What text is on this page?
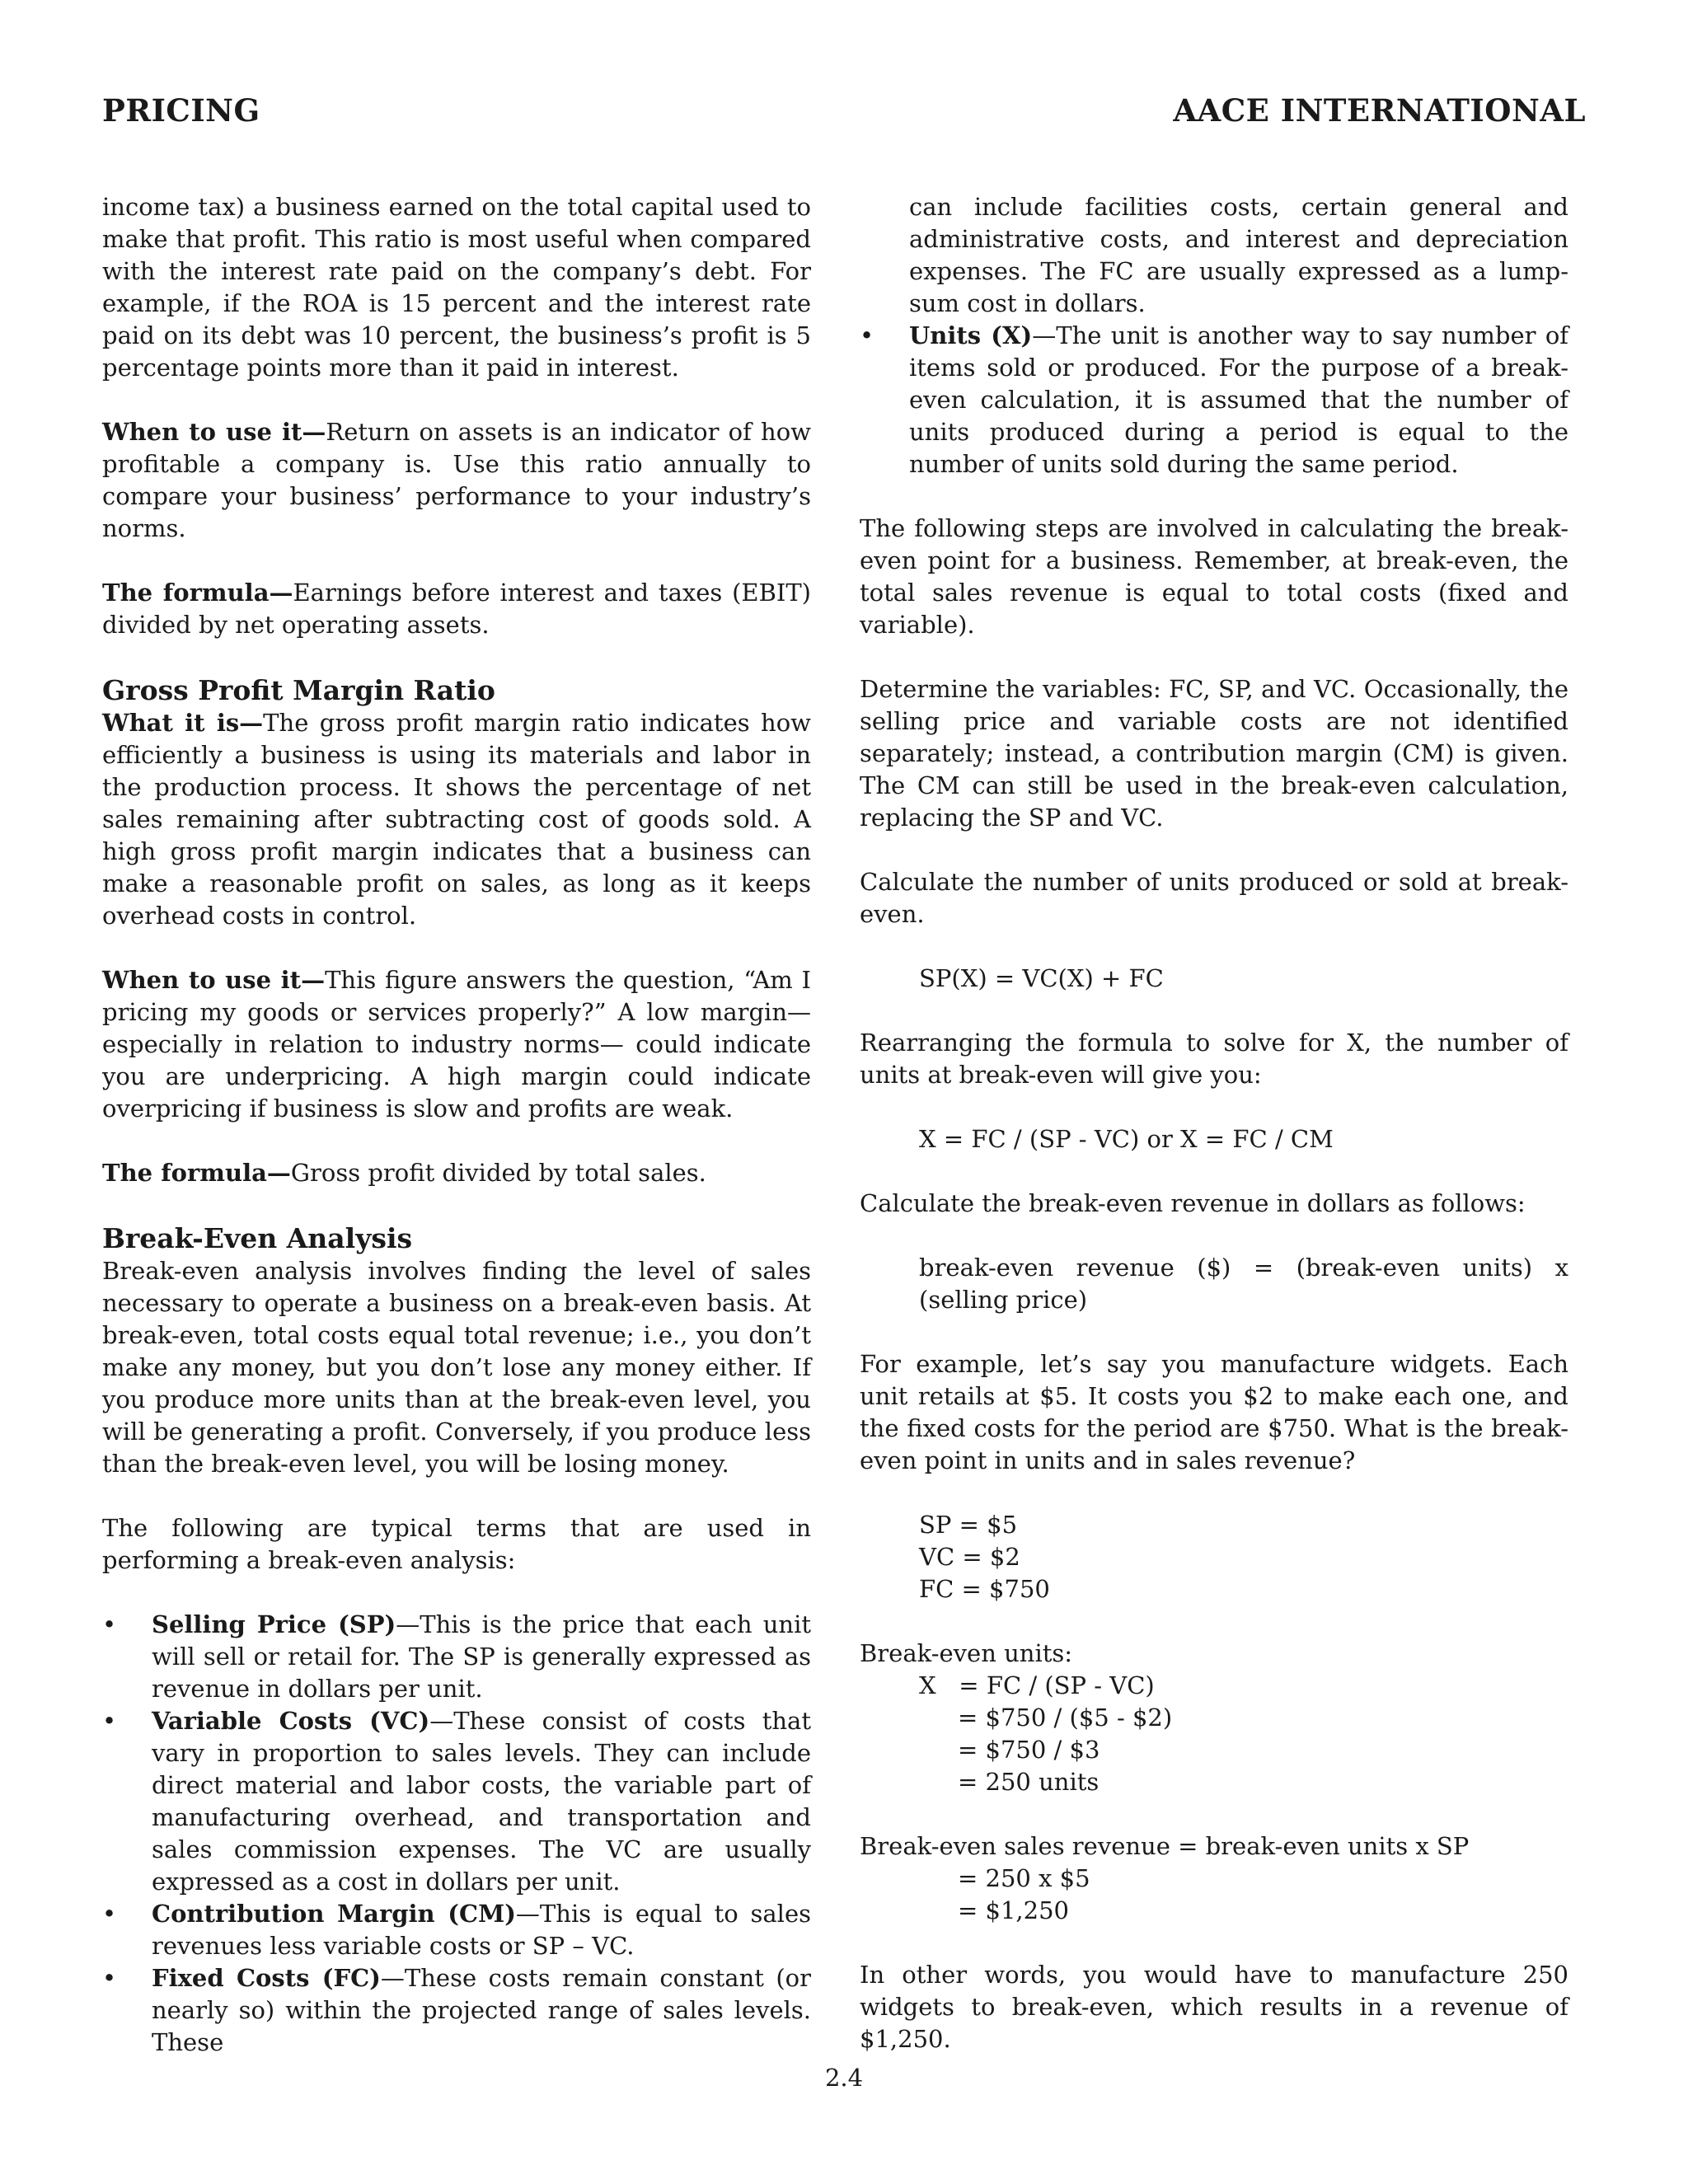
PRICING	AACE INTERNATIONAL

income tax) a business earned on the total capital used to make that profit. This ratio is most useful when compared with the interest rate paid on the company’s debt. For example, if the ROA is 15 percent and the interest rate paid on its debt was 10 percent, the business’s profit is 5 percentage points more than it paid in interest.

When to use it—Return on assets is an indicator of how profitable a company is. Use this ratio annually to compare your business’ performance to your industry’s norms.

The formula—Earnings before interest and taxes (EBIT) divided by net operating assets.

Gross Profit Margin Ratio

What it is—The gross profit margin ratio indicates how efficiently a business is using its materials and labor in the production process. It shows the percentage of net sales remaining after subtracting cost of goods sold. A high gross profit margin indicates that a business can make a reasonable profit on sales, as long as it keeps overhead costs in control.

When to use it—This figure answers the question, “Am I pricing my goods or services properly?” A low margin— especially in relation to industry norms— could indicate you are underpricing. A high margin could indicate overpricing if business is slow and profits are weak.

The formula—Gross profit divided by total sales.

Break-Even Analysis

Break-even analysis involves finding the level of sales necessary to operate a business on a break-even basis. At break-even, total costs equal total revenue; i.e., you don’t make any money, but you don’t lose any money either. If you produce more units than at the break-even level, you will be generating a profit. Conversely, if you produce less than the break-even level, you will be losing money.

The following are typical terms that are used in performing a break-even analysis:

• Selling Price (SP)—This is the price that each unit will sell or retail for. The SP is generally expressed as revenue in dollars per unit.
• Variable Costs (VC)—These consist of costs that vary in proportion to sales levels. They can include direct material and labor costs, the variable part of manufacturing overhead, and transportation and sales commission expenses. The VC are usually expressed as a cost in dollars per unit.
• Contribution Margin (CM)—This is equal to sales revenues less variable costs or SP – VC.
• Fixed Costs (FC)—These costs remain constant (or nearly so) within the projected range of sales levels. These

can include facilities costs, certain general and administrative costs, and interest and depreciation expenses. The FC are usually expressed as a lump-sum cost in dollars.

• Units (X)—The unit is another way to say number of items sold or produced. For the purpose of a break-even calculation, it is assumed that the number of units produced during a period is equal to the number of units sold during the same period.

The following steps are involved in calculating the break-even point for a business. Remember, at break-even, the total sales revenue is equal to total costs (fixed and variable).

Determine the variables: FC, SP, and VC. Occasionally, the selling price and variable costs are not identified separately; instead, a contribution margin (CM) is given. The CM can still be used in the break-even calculation, replacing the SP and VC.

Calculate the number of units produced or sold at break-even.

SP(X) = VC(X) + FC

Rearranging the formula to solve for X, the number of units at break-even will give you:

X = FC / (SP - VC) or X = FC / CM

Calculate the break-even revenue in dollars as follows:

break-even revenue ($) = (break-even units) x (selling price)

For example, let’s say you manufacture widgets. Each unit retails at $5. It costs you $2 to make each one, and the fixed costs for the period are $750. What is the break-even point in units and in sales revenue?

SP = $5
VC = $2
FC = $750
Break-even units:
X   = FC / (SP - VC)
= $750 / ($5 - $2)
= $750 / $3
= 250 units
Break-even sales revenue = break-even units x SP
= 250 x $5
= $1,250

In other words, you would have to manufacture 250 widgets to break-even, which results in a revenue of $1,250.

2.4
